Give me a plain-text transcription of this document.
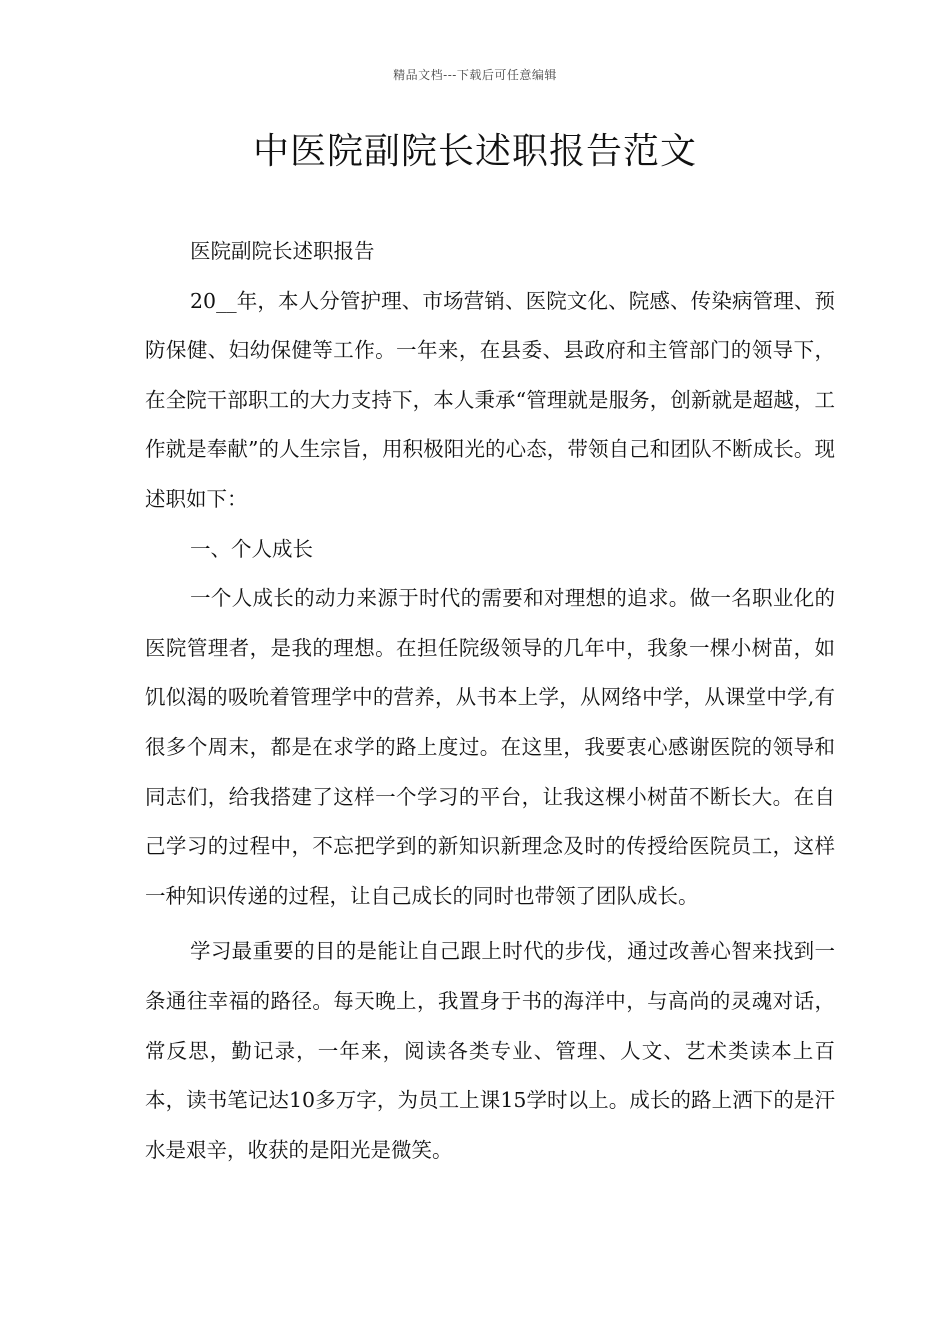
精品文档---下载后可任意编辑
中医院副院长述职报告范文

医院副院长述职报告

20__年，本人分管护理、市场营销、医院文化、院感、传染病管理、预防保健、妇幼保健等工作。一年来，在县委、县政府和主管部门的领导下，在全院干部职工的大力支持下，本人秉承“管理就是服务，创新就是超越，工作就是奉献”的人生宗旨，用积极阳光的心态，带领自己和团队不断成长。现述职如下：

一、个人成长

一个人成长的动力来源于时代的需要和对理想的追求。做一名职业化的医院管理者，是我的理想。在担任院级领导的几年中，我象一棵小树苗，如饥似渴的吸吮着管理学中的营养，从书本上学，从网络中学，从课堂中学,有很多个周末，都是在求学的路上度过。在这里，我要衷心感谢医院的领导和同志们，给我搭建了这样一个学习的平台，让我这棵小树苗不断长大。在自己学习的过程中，不忘把学到的新知识新理念及时的传授给医院员工，这样一种知识传递的过程，让自己成长的同时也带领了团队成长。

学习最重要的目的是能让自己跟上时代的步伐，通过改善心智来找到一条通往幸福的路径。每天晚上，我置身于书的海洋中，与高尚的灵魂对话，常反思，勤记录，一年来，阅读各类专业、管理、人文、艺术类读本上百本，读书笔记达10多万字，为员工上课15学时以上。成长的路上洒下的是汗水是艰辛，收获的是阳光是微笑。
